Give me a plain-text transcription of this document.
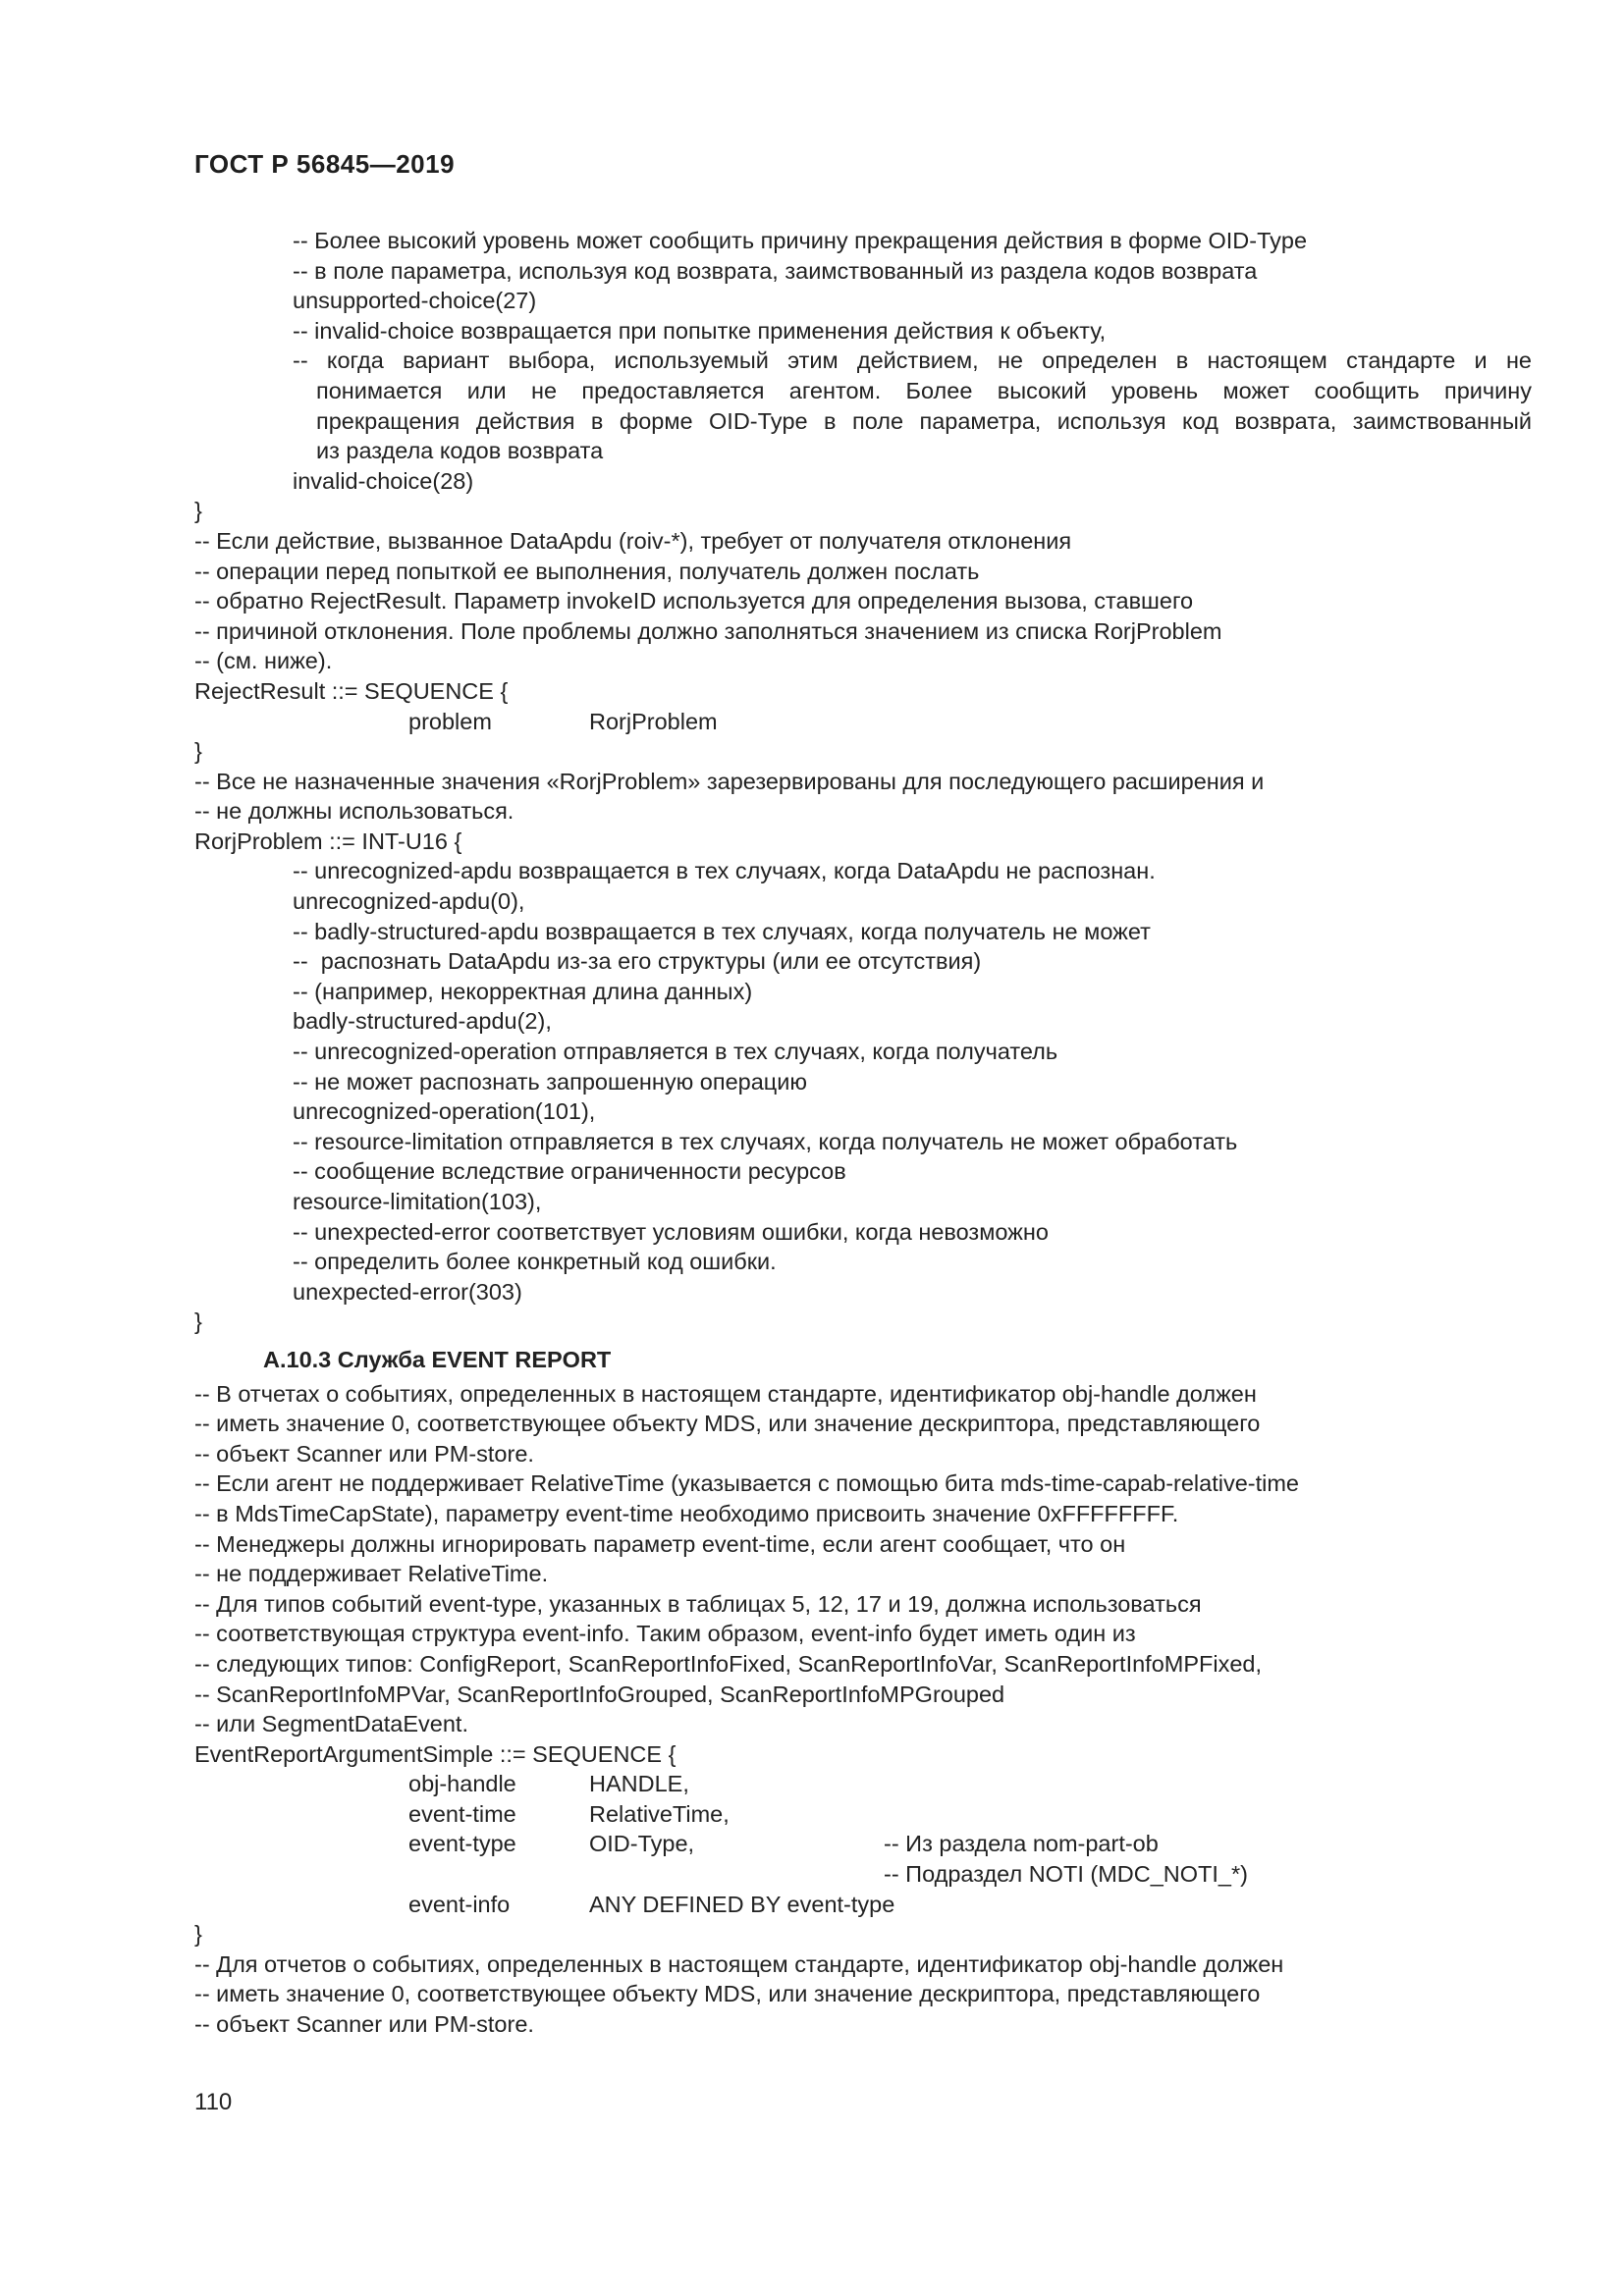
ГОСТ Р 56845—2019
-- Более высокий уровень может сообщить причину прекращения действия в форме OID-Type
-- в поле параметра, используя код возврата, заимствованный из раздела кодов возврата
unsupported-choice(27)
-- invalid-choice возвращается при попытке применения действия к объекту,
-- когда вариант выбора, используемый этим действием, не определен в настоящем стандарте и не
понимается или не предоставляется агентом. Более высокий уровень может сообщить причину
прекращения действия в форме OID-Type в поле параметра, используя код возврата, заимствованный
из раздела кодов возврата
invalid-choice(28)
}
-- Если действие, вызванное DataApdu (roiv-*), требует от получателя отклонения
-- операции перед попыткой ее выполнения, получатель должен послать
-- обратно RejectResult. Параметр invokeID используется для определения вызова, ставшего
-- причиной отклонения. Поле проблемы должно заполняться значением из списка RorjProblem
-- (см. ниже).
RejectResult ::= SEQUENCE {
problem	RorjProblem
}
-- Все не назначенные значения «RorjProblem» зарезервированы для последующего расширения и
-- не должны использоваться.
RorjProblem ::= INT-U16 {
-- unrecognized-apdu возвращается в тех случаях, когда DataApdu не распознан.
unrecognized-apdu(0),
-- badly-structured-apdu возвращается в тех случаях, когда получатель не может
--  распознать DataApdu из-за его структуры (или ее отсутствия)
-- (например, некорректная длина данных)
badly-structured-apdu(2),
-- unrecognized-operation отправляется в тех случаях, когда получатель
-- не может распознать запрошенную операцию
unrecognized-operation(101),
-- resource-limitation отправляется в тех случаях, когда получатель не может обработать
-- сообщение вследствие ограниченности ресурсов
resource-limitation(103),
-- unexpected-error соответствует условиям ошибки, когда невозможно
-- определить более конкретный код ошибки.
unexpected-error(303)
}
А.10.3 Служба EVENT REPORT
-- В отчетах о событиях, определенных в настоящем стандарте, идентификатор obj-handle должен
-- иметь значение 0, соответствующее объекту MDS, или значение дескриптора, представляющего
-- объект Scanner или PM-store.
-- Если агент не поддерживает RelativeTime (указывается с помощью бита mds-time-capab-relative-time
-- в MdsTimeCapState), параметру event-time необходимо присвоить значение 0xFFFFFFFF.
-- Менеджеры должны игнорировать параметр event-time, если агент сообщает, что он
-- не поддерживает RelativeTime.
-- Для типов событий event-type, указанных в таблицах 5, 12, 17 и 19, должна использоваться
-- соответствующая структура event-info. Таким образом, event-info будет иметь один из
-- следующих типов: ConfigReport, ScanReportInfoFixed, ScanReportInfoVar, ScanReportInfoMPFixed,
-- ScanReportInfoMPVar, ScanReportInfoGrouped, ScanReportInfoMPGrouped
-- или SegmentDataEvent.
EventReportArgumentSimple ::= SEQUENCE {
obj-handle	HANDLE,
event-time	RelativeTime,
event-type	OID-Type,	-- Из раздела nom-part-ob
-- Подраздел NOTI (MDC_NOTI_*)
event-info	ANY DEFINED BY event-type
}
-- Для отчетов о событиях, определенных в настоящем стандарте, идентификатор obj-handle должен
-- иметь значение 0, соответствующее объекту MDS, или значение дескриптора, представляющего
-- объект Scanner или PM-store.
110
